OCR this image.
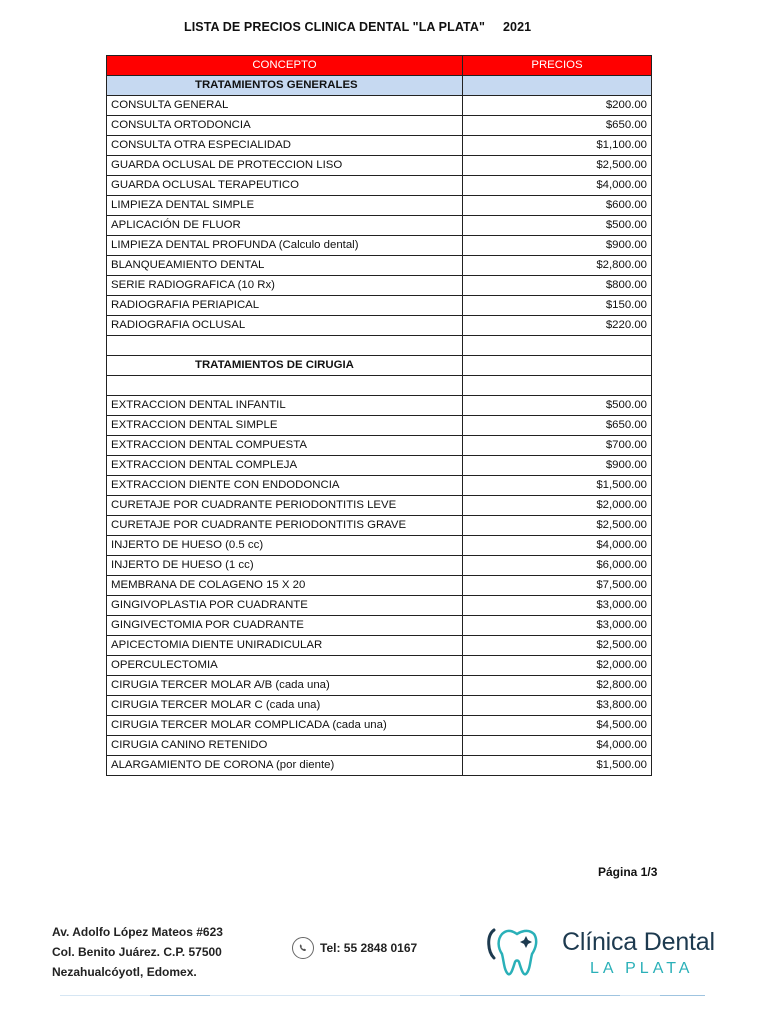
LISTA DE PRECIOS CLINICA DENTAL "LA PLATA" 2021
CONCEPTO	PRECIOS
TRATAMIENTOS GENERALES	
CONSULTA GENERAL	$200.00
CONSULTA ORTODONCIA	$650.00
CONSULTA OTRA ESPECIALIDAD	$1,100.00
GUARDA OCLUSAL DE PROTECCION LISO	$2,500.00
GUARDA OCLUSAL TERAPEUTICO	$4,000.00
LIMPIEZA DENTAL SIMPLE	$600.00
APLICACIÓN DE FLUOR	$500.00
LIMPIEZA DENTAL PROFUNDA (Calculo dental)	$900.00
BLANQUEAMIENTO DENTAL	$2,800.00
SERIE RADIOGRAFICA (10 Rx)	$800.00
RADIOGRAFIA PERIAPICAL	$150.00
RADIOGRAFIA OCLUSAL	$220.00

TRATAMIENTOS DE CIRUGIA	

EXTRACCION DENTAL INFANTIL	$500.00
EXTRACCION DENTAL SIMPLE	$650.00
EXTRACCION DENTAL COMPUESTA	$700.00
EXTRACCION DENTAL COMPLEJA	$900.00
EXTRACCION DIENTE CON ENDODONCIA	$1,500.00
CURETAJE POR CUADRANTE PERIODONTITIS LEVE	$2,000.00
CURETAJE POR CUADRANTE PERIODONTITIS GRAVE	$2,500.00
INJERTO DE HUESO (0.5 cc)	$4,000.00
INJERTO DE HUESO (1 cc)	$6,000.00
MEMBRANA DE COLAGENO 15 X 20	$7,500.00
GINGIVOPLASTIA POR CUADRANTE	$3,000.00
GINGIVECTOMIA POR CUADRANTE	$3,000.00
APICECTOMIA DIENTE UNIRADICULAR	$2,500.00
OPERCULECTOMIA	$2,000.00
CIRUGIA TERCER MOLAR A/B (cada una)	$2,800.00
CIRUGIA TERCER MOLAR C (cada una)	$3,800.00
CIRUGIA TERCER MOLAR COMPLICADA (cada una)	$4,500.00
CIRUGIA CANINO RETENIDO	$4,000.00
ALARGAMIENTO DE CORONA (por diente)	$1,500.00
Página 1/3
Av. Adolfo López Mateos #623
Col. Benito Juárez. C.P. 57500
Nezahualcóyotl, Edomex.
Tel: 55 2848 0167	Clínica Dental
LA PLATA
